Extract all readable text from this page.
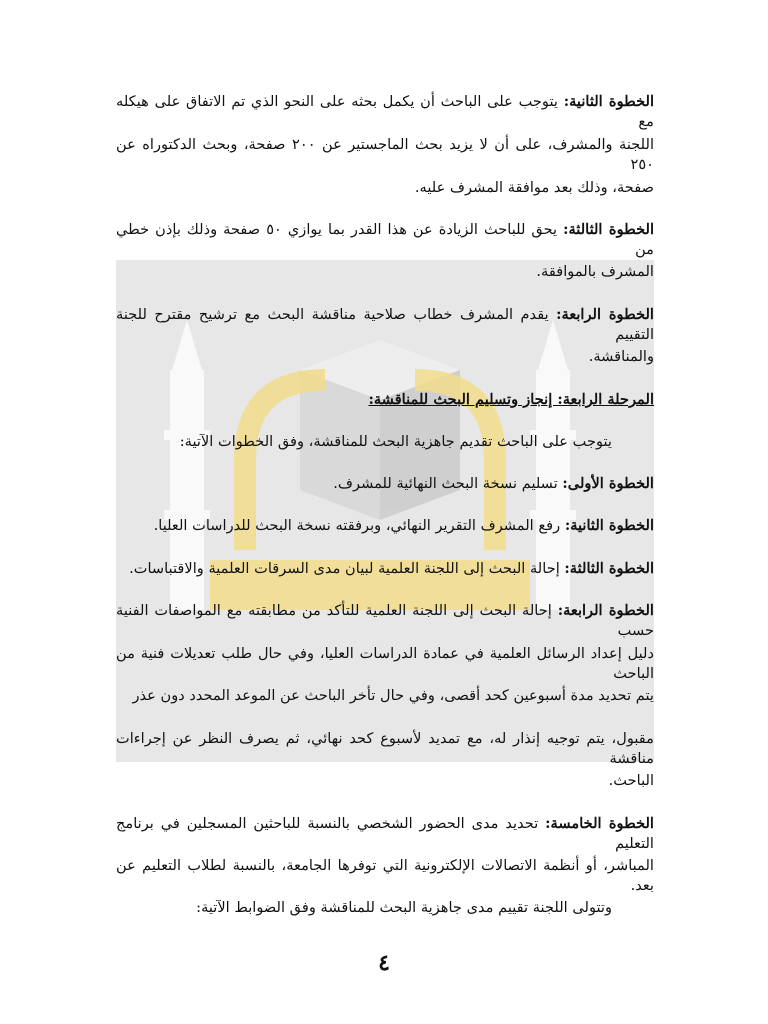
الخطوة الثانية: يتوجب على الباحث أن يكمل بحثه على النحو الذي تم الاتفاق على هيكله مع
اللجنة والمشرف، على أن لا يزيد بحث الماجستير عن ٢٠٠ صفحة، وبحث الدكتوراه عن ٢٥٠
صفحة، وذلك بعد موافقة المشرف عليه.
الخطوة الثالثة: يحق للباحث الزيادة عن هذا القدر بما يوازي ٥٠ صفحة وذلك بإذن خطي من
المشرف بالموافقة.
الخطوة الرابعة: يقدم المشرف خطاب صلاحية مناقشة البحث مع ترشيح مقترح للجنة التقييم
والمناقشة.
المرحلة الرابعة: إنجاز وتسليم البحث للمناقشة:
يتوجب على الباحث تقديم جاهزية البحث للمناقشة، وفق الخطوات الآتية:
الخطوة الأولى: تسليم نسخة البحث النهائية للمشرف.
الخطوة الثانية: رفع المشرف التقرير النهائي، وبرفقته نسخة البحث للدراسات العليا.
الخطوة الثالثة: إحالة البحث إلى اللجنة العلمية لبيان مدى السرقات العلمية والاقتباسات.
الخطوة الرابعة: إحالة البحث إلى اللجنة العلمية للتأكد من مطابقته مع المواصفات الفنية حسب
دليل إعداد الرسائل العلمية في عمادة الدراسات العليا، وفي حال طلب تعديلات فنية من الباحث
يتم تحديد مدة أسبوعين كحد أقصى، وفي حال تأخر الباحث عن الموعد المحدد دون عذر
مقبول، يتم توجيه إنذار له، مع تمديد لأسبوع كحد نهائي، ثم يصرف النظر عن إجراءات مناقشة
الباحث.
الخطوة الخامسة: تحديد مدى الحضور الشخصي بالنسبة للباحثين المسجلين في برنامج التعليم
المباشر، أو أنظمة الاتصالات الإلكترونية التي توفرها الجامعة، بالنسبة لطلاب التعليم عن بعد.
وتتولى اللجنة تقييم مدى جاهزية البحث للمناقشة وفق الضوابط الآتية:
٤
